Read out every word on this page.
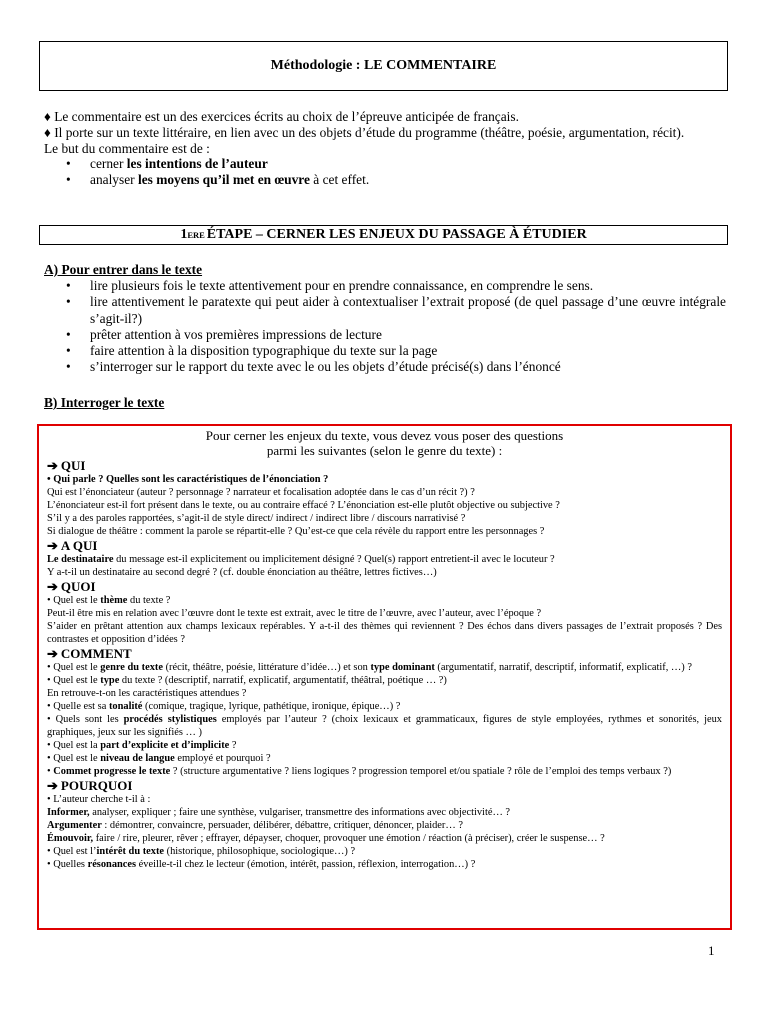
Méthodologie : LE COMMENTAIRE

♦ Le commentaire est un des exercices écrits au choix de l’épreuve anticipée de français.

♦ Il porte sur un texte littéraire, en lien avec un des objets d’étude du programme (théâtre, poésie, argumentation, récit).

Le but du commentaire est de :

• cerner les intentions de l’auteur
• analyser les moyens qu’il met en œuvre à cet effet.
1 ERE ÉTAPE – CERNER LES ENJEUX DU PASSAGE À ÉTUDIER

A) Pour entrer dans le texte

• lire plusieurs fois le texte attentivement pour en prendre connaissance, en comprendre le sens.
• lire attentivement le paratexte qui peut aider à contextualiser l’extrait proposé (de quel passage d’une œuvre intégrale s’agit-il?)
• prêter attention à vos premières impressions de lecture
• faire attention à la disposition typographique du texte sur la page
• s’interroger sur le rapport du texte avec le ou les objets d’étude précisé(s) dans l’énoncé

B) Interroger le texte

Pour cerner les enjeux du texte, vous devez vous poser des questions
parmi les suivantes (selon le genre du texte) :
➔ QUI

• Qui parle ? Quelles sont les caractéristiques de l’énonciation ?

Qui est l’énonciateur (auteur ? personnage ? narrateur et focalisation adoptée dans le cas d’un récit ?) ?

L’énonciateur est-il fort présent dans le texte, ou au contraire effacé ? L’énonciation est-elle plutôt objective ou subjective ?

S’il y a des paroles rapportées, s’agit-il de style direct/ indirect / indirect libre / discours narrativisé ?

Si dialogue de théâtre : comment la parole se répartit-elle ? Qu’est-ce que cela révèle du rapport entre les personnages ?

➔ A QUI

Le destinataire du message est-il explicitement ou implicitement désigné ? Quel(s) rapport entretient-il avec le locuteur ?

Y a-t-il un destinataire au second degré ? (cf. double énonciation au théâtre, lettres fictives…)

➔ QUOI

• Quel est le thème du texte ?

Peut-il être mis en relation avec l’œuvre dont le texte est extrait, avec le titre de l’œuvre, avec l’auteur, avec l’époque ?

S’aider en prêtant attention aux champs lexicaux repérables. Y a-t-il des thèmes qui reviennent ? Des échos dans divers passages de l’extrait proposés ? Des contrastes et opposition d’idées ?

➔ COMMENT

• Quel est le genre du texte (récit, théâtre, poésie, littérature d’idée…) et son type dominant (argumentatif, narratif, descriptif, informatif, explicatif, …) ?

• Quel est le type du texte ? (descriptif, narratif, explicatif, argumentatif, théâtral, poétique … ?)

En retrouve-t-on les caractéristiques attendues ?

• Quelle est sa tonalité (comique, tragique, lyrique, pathétique, ironique, épique…) ?

• Quels sont les procédés stylistiques employés par l’auteur ? (choix lexicaux et grammaticaux, figures de style employées, rythmes et sonorités, jeux graphiques, jeux sur les signifiés … )

• Quel est la part d’explicite et d’implicite ?

• Quel est le niveau de langue employé et pourquoi ?

• Commet progresse le texte ? (structure argumentative ? liens logiques ? progression temporel et/ou spatiale ? rôle de l’emploi des temps verbaux ?)

➔ POURQUOI

• L’auteur cherche t-il à :

Informer, analyser, expliquer ; faire une synthèse, vulgariser, transmettre des informations avec objectivité… ?

Argumenter : démontrer, convaincre, persuader, délibérer, débattre, critiquer, dénoncer, plaider… ?

Émouvoir, faire / rire, pleurer, rêver ; effrayer, dépayser, choquer, provoquer une émotion / réaction (à préciser), créer le suspense… ?

• Quel est l’intérêt du texte (historique, philosophique, sociologique…) ?

• Quelles résonances éveille-t-il chez le lecteur (émotion, intérêt, passion, réflexion, interrogation…) ?

1
